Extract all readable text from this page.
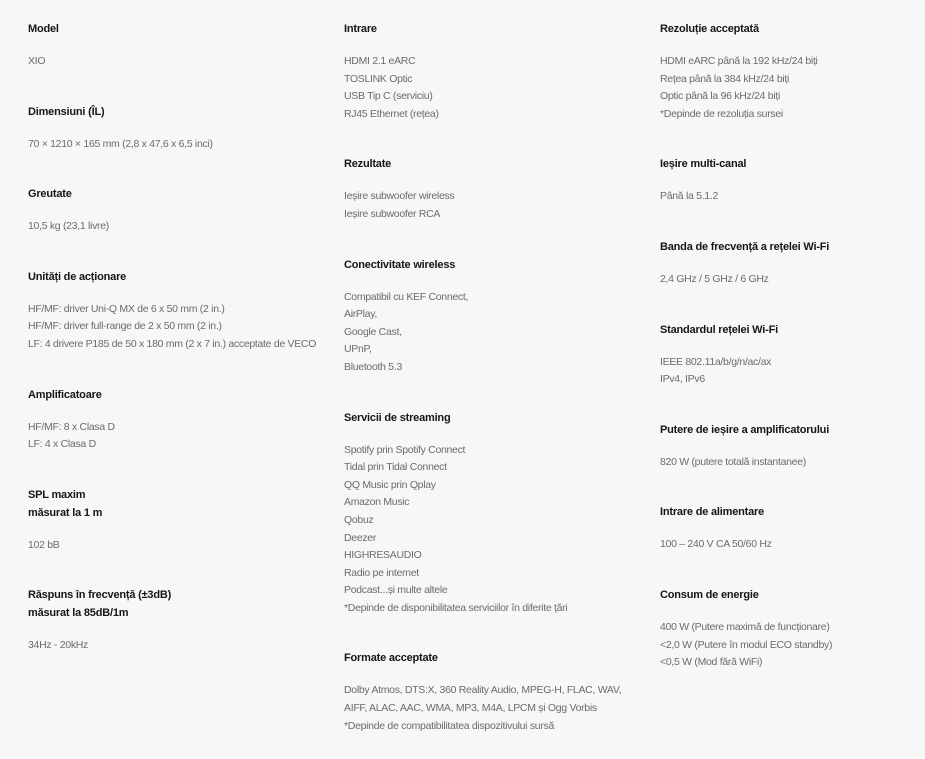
Model
XIO
Dimensiuni (ÎL)
70 × 1210 × 165 mm (2,8 x 47,6 x 6,5 inci)
Greutate
10,5 kg (23,1 livre)
Unități de acționare
HF/MF: driver Uni-Q MX de 6 x 50 mm (2 in.)
HF/MF: driver full-range de 2 x 50 mm (2 in.)
LF: 4 drivere P185 de 50 x 180 mm (2 x 7 in.) acceptate de VECO
Amplificatoare
HF/MF: 8 x Clasa D
LF: 4 x Clasa D
SPL maxim
măsurat la 1 m
102 bB
Răspuns în frecvență (±3dB)
măsurat la 85dB/1m
34Hz - 20kHz
Intrare
HDMI 2.1 eARC
TOSLINK Optic
USB Tip C (serviciu)
RJ45 Ethernet (rețea)
Rezultate
Ieșire subwoofer wireless
Ieșire subwoofer RCA
Conectivitate wireless
Compatibil cu KEF Connect,
AirPlay,
Google Cast,
UPnP,
Bluetooth 5.3
Servicii de streaming
Spotify prin Spotify Connect
Tidal prin Tidal Connect
QQ Music prin Qplay
Amazon Music
Qobuz
Deezer
HIGHRESAUDIO
Radio pe internet
Podcast...și multe altele
*Depinde de disponibilitatea serviciilor în diferite țări
Formate acceptate
Dolby Atmos, DTS:X, 360 Reality Audio, MPEG-H, FLAC, WAV,
AIFF, ALAC, AAC, WMA, MP3, M4A, LPCM și Ogg Vorbis
*Depinde de compatibilitatea dispozitivului sursă
Rezoluție acceptată
HDMI eARC până la 192 kHz/24 biți
Rețea până la 384 kHz/24 biți
Optic până la 96 kHz/24 biți
*Depinde de rezoluția sursei
Ieșire multi-canal
Până la 5.1.2
Banda de frecvență a rețelei Wi-Fi
2,4 GHz / 5 GHz / 6 GHz
Standardul rețelei Wi-Fi
IEEE 802.11a/b/g/n/ac/ax
IPv4, IPv6
Putere de ieșire a amplificatorului
820 W (putere totală instantanee)
Intrare de alimentare
100 – 240 V CA 50/60 Hz
Consum de energie
400 W (Putere maximă de funcționare)
<2,0 W (Putere în modul ECO standby)
<0,5 W (Mod fără WiFi)
